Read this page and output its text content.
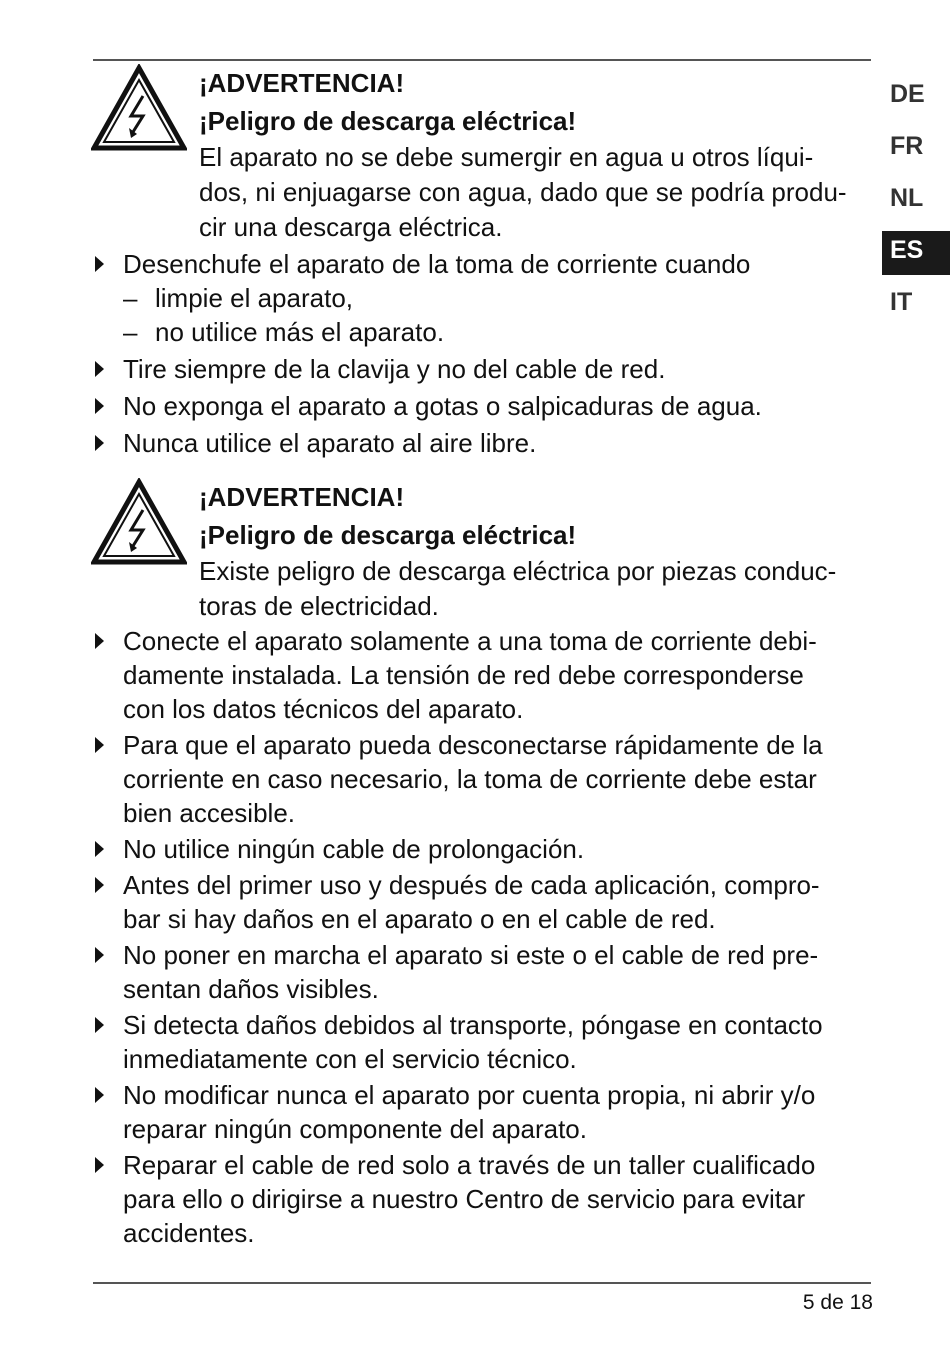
DE
FR
NL
ES
IT
¡ADVERTENCIA!
¡Peligro de descarga eléctrica!
El aparato no se debe sumergir en agua u otros líqui-
dos, ni enjuagarse con agua, dado que se podría produ-
cir una descarga eléctrica.
Desenchufe el aparato de la toma de corriente cuando
– limpie el aparato,
– no utilice más el aparato.
Tire siempre de la clavija y no del cable de red.
No exponga el aparato a gotas o salpicaduras de agua.
Nunca utilice el aparato al aire libre.
¡ADVERTENCIA!
¡Peligro de descarga eléctrica!
Existe peligro de descarga eléctrica por piezas conduc-
toras de electricidad.
Conecte el aparato solamente a una toma de corriente debi-
damente instalada. La tensión de red debe corresponderse
con los datos técnicos del aparato.
Para que el aparato pueda desconectarse rápidamente de la
corriente en caso necesario, la toma de corriente debe estar
bien accesible.
No utilice ningún cable de prolongación.
Antes del primer uso y después de cada aplicación, compro-
bar si hay daños en el aparato o en el cable de red.
No poner en marcha el aparato si este o el cable de red pre-
sentan daños visibles.
Si detecta daños debidos al transporte, póngase en contacto
inmediatamente con el servicio técnico.
No modificar nunca el aparato por cuenta propia, ni abrir y/o
reparar ningún componente del aparato.
Reparar el cable de red solo a través de un taller cualificado
para ello o dirigirse a nuestro Centro de servicio para evitar
accidentes.
5 de 18
